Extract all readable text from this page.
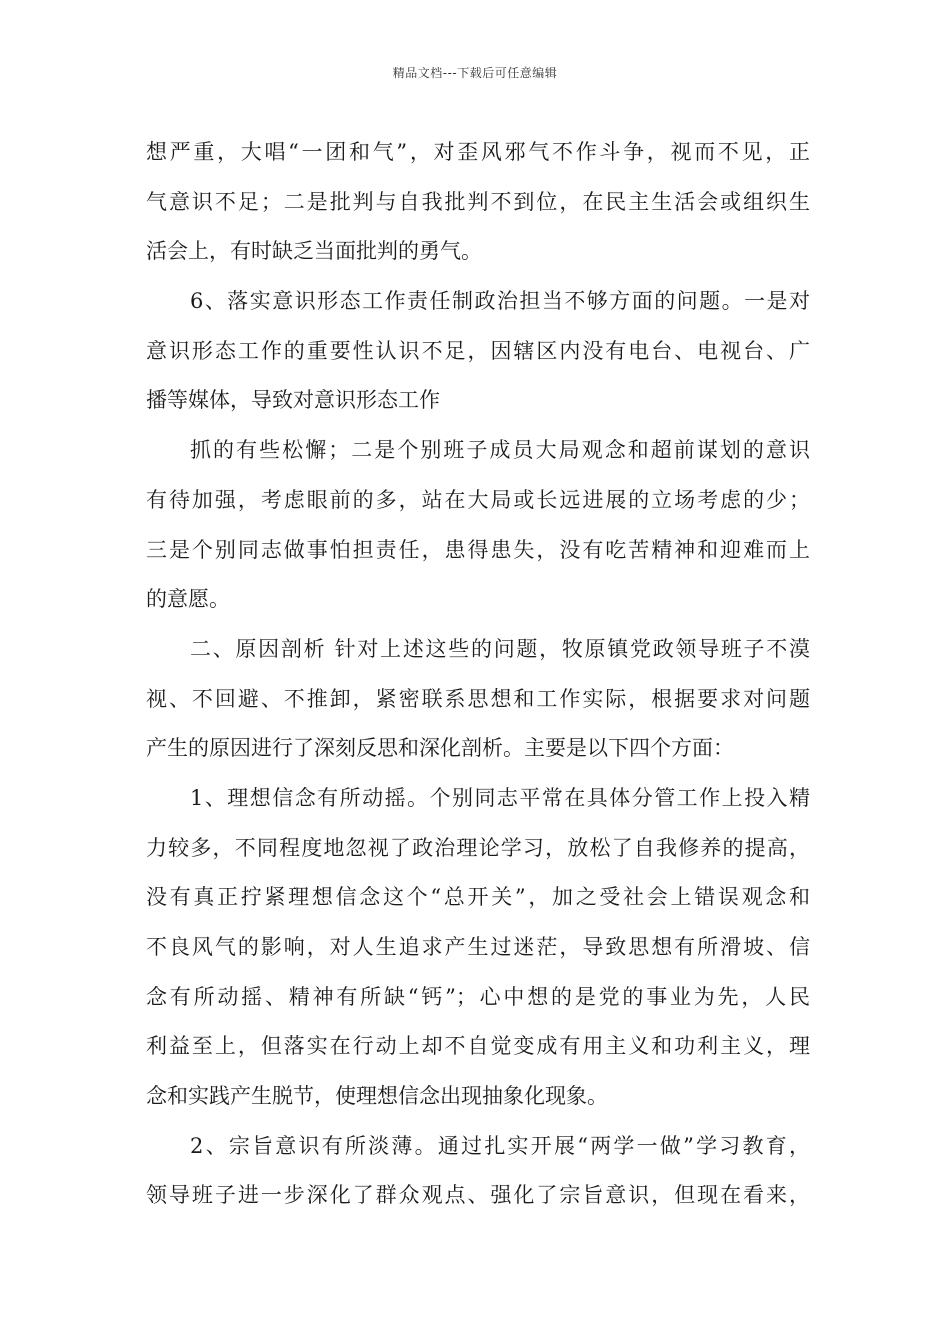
精品文档---下载后可任意编辑
想严重，大唱“一团和气”，对歪风邪气不作斗争，视而不见，正
气意识不足；二是批判与自我批判不到位，在民主生活会或组织生
活会上，有时缺乏当面批判的勇气。
6、落实意识形态工作责任制政治担当不够方面的问题。一是对
意识形态工作的重要性认识不足，因辖区内没有电台、电视台、广
播等媒体，导致对意识形态工作
抓的有些松懈；二是个别班子成员大局观念和超前谋划的意识
有待加强，考虑眼前的多，站在大局或长远进展的立场考虑的少；
三是个别同志做事怕担责任，患得患失，没有吃苦精神和迎难而上
的意愿。
二、原因剖析 针对上述这些的问题，牧原镇党政领导班子不漠
视、不回避、不推卸，紧密联系思想和工作实际，根据要求对问题
产生的原因进行了深刻反思和深化剖析。主要是以下四个方面：
1、理想信念有所动摇。个别同志平常在具体分管工作上投入精
力较多，不同程度地忽视了政治理论学习，放松了自我修养的提高，
没有真正拧紧理想信念这个“总开关”，加之受社会上错误观念和
不良风气的影响，对人生追求产生过迷茫，导致思想有所滑坡、信
念有所动摇、精神有所缺“钙”；心中想的是党的事业为先，人民
利益至上，但落实在行动上却不自觉变成有用主义和功利主义，理
念和实践产生脱节，使理想信念出现抽象化现象。
2、宗旨意识有所淡薄。通过扎实开展“两学一做”学习教育，
领导班子进一步深化了群众观点、强化了宗旨意识，但现在看来，
